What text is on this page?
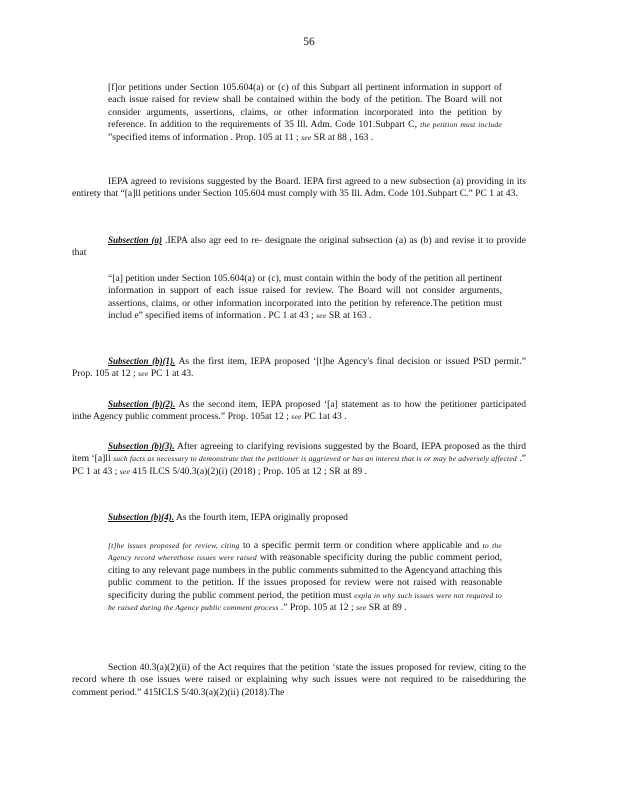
56
[f]or petitions under Section 105.604(a) or (c) of this Subpart all pertinent information in support of each issue raised for review shall be contained within the body of the petition. The Board will not consider arguments, assertions, claims, or other information incorporated into the petition by reference. In addition to the requirements of 35 Ill. Adm. Code 101.Subpart C, the petition must include ”specified items of information . Prop. 105 at 11 ; see SR at 88 , 163 .
IEPA agreed to revisions suggested by the Board. IEPA first agreed to a new subsection (a) providing in its entirety that “[a]ll petitions under Section 105.604 must comply with 35 Ill. Adm. Code 101.Subpart C.” PC 1 at 43.
Subsection (a) .IEPA also agr eed to re- designate the original subsection (a) as (b) and revise it to provide that
“[a] petition under Section 105.604(a) or (c), must contain within the body of the petition all pertinent information in support of each issue raised for review. The Board will not consider arguments, assertions, claims, or other information incorporated into the petition by reference.The petition must includ e” specified items of information . PC 1 at 43 ; see SR at 163 .
Subsection (b)(1). As the first item, IEPA proposed ‘[t]he Agency's final decision or issued PSD permit.” Prop. 105 at 12 ; see PC 1 at 43.
Subsection (b)(2). As the second item, IEPA proposed ‘[a] statement as to how the petitioner participated inthe Agency public comment process.” Prop. 105at 12 ; see PC 1at 43 .
Subsection (b)(3). After agreeing to clarifying revisions suggested by the Board, IEPA proposed as the third item ‘[a]ll such facts as necessary to demonstrate that the petitioner is aggrieved or has an interest that is or may be adversely affected .” PC 1 at 43 ; see 415 ILCS 5/40.3(a)(2)(i) (2018) ; Prop. 105 at 12 ; SR at 89 .
Subsection (b)(4). As the fourth item, IEPA originally proposed
[t]he issues proposed for review, citing to a specific permit term or condition where applicable and to the Agency record wherethose issues were raised with reasonable specificity during the public comment period, citing to any relevant page numbers in the public comments submitted to the Agencyand attaching this public comment to the petition. If the issues proposed for review were not raised with reasonable specificity during the public comment period, the petition must expla in why such issues were not required to be raised during the Agency public comment process .” Prop. 105 at 12 ; see SR at 89 .
Section 40.3(a)(2)(ii) of the Act requires that the petition ‘state the issues proposed for review, citing to the record where th ose issues were raised or explaining why such issues were not required to be raisedduring the comment period.” 415ICLS 5/40.3(a)(2)(ii) (2018).The
